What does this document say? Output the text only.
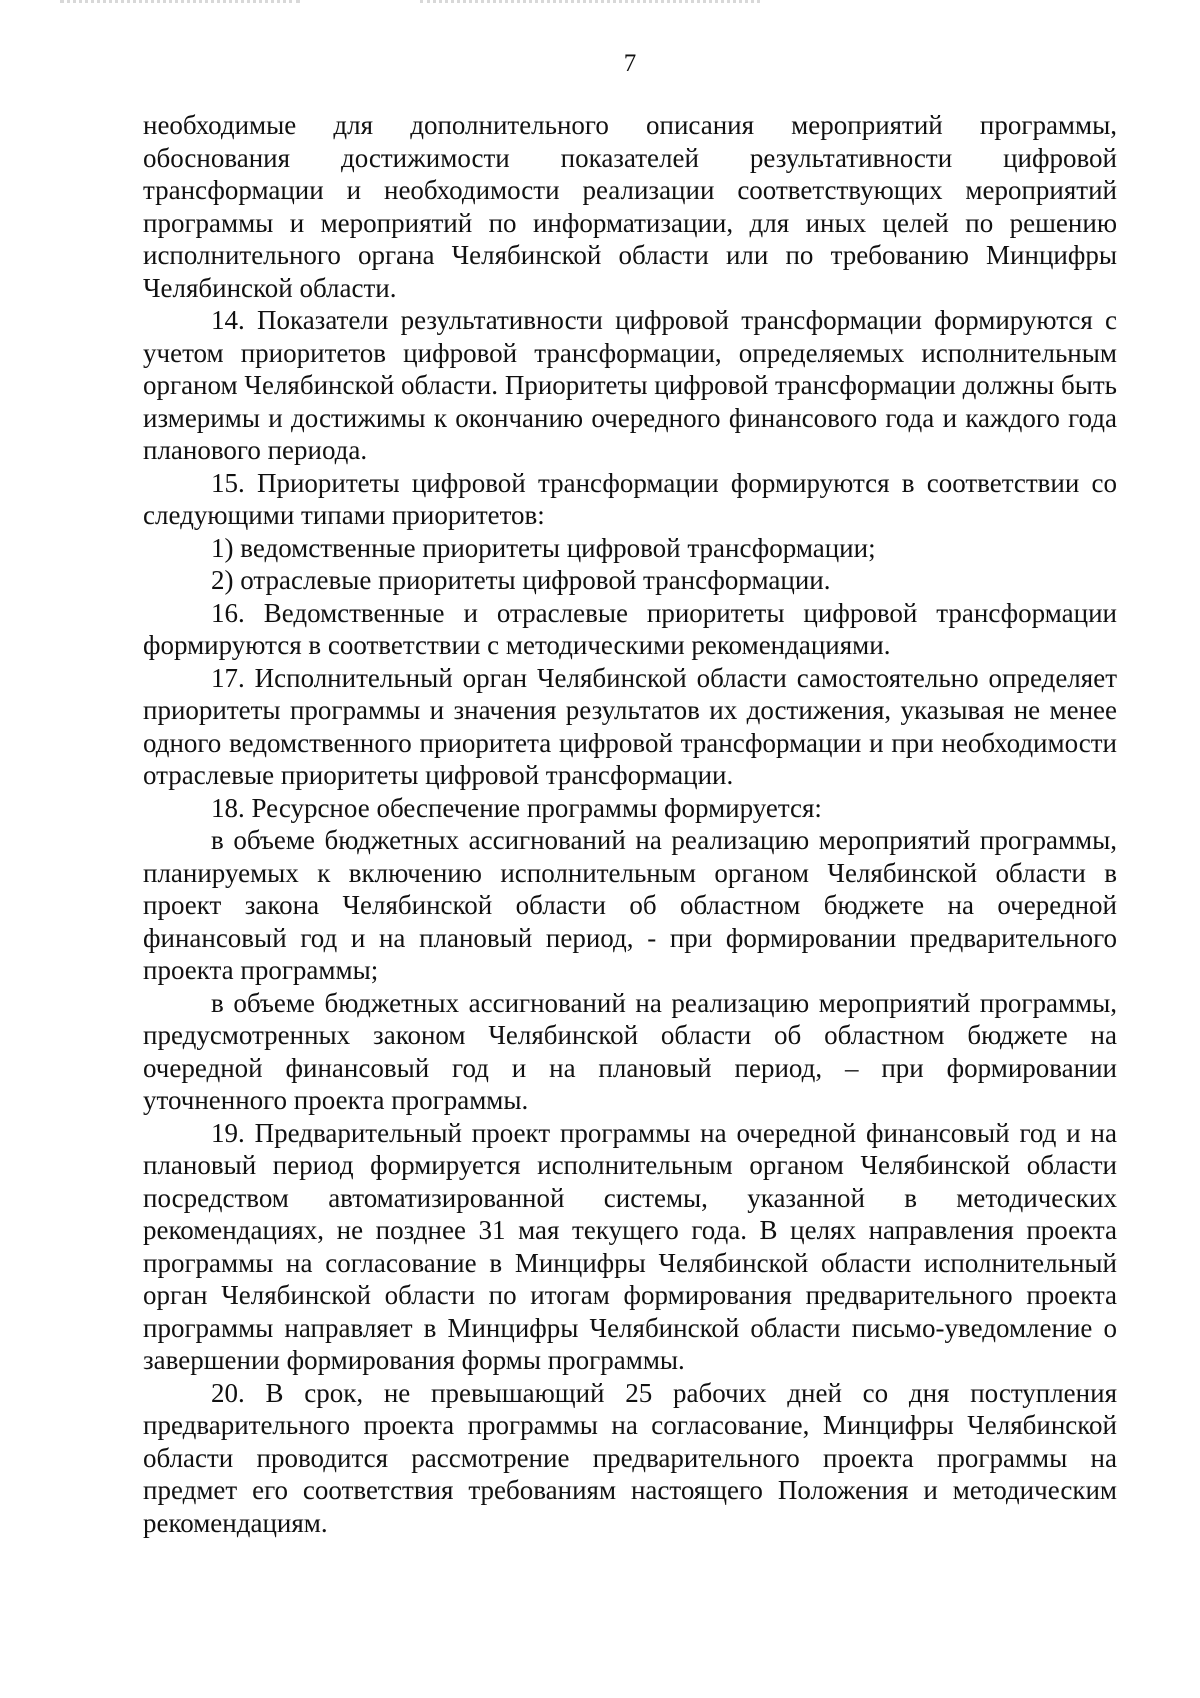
7

необходимые для дополнительного описания мероприятий программы, обоснования достижимости показателей результативности цифровой трансформации и необходимости реализации соответствующих мероприятий программы и мероприятий по информатизации, для иных целей по решению исполнительного органа Челябинской области или по требованию Минцифры Челябинской области.

14. Показатели результативности цифровой трансформации формируются с учетом приоритетов цифровой трансформации, определяемых исполнительным органом Челябинской области. Приоритеты цифровой трансформации должны быть измеримы и достижимы к окончанию очередного финансового года и каждого года планового периода.

15. Приоритеты цифровой трансформации формируются в соответствии со следующими типами приоритетов:

1) ведомственные приоритеты цифровой трансформации;

2) отраслевые приоритеты цифровой трансформации.

16. Ведомственные и отраслевые приоритеты цифровой трансформации формируются в соответствии с методическими рекомендациями.

17. Исполнительный орган Челябинской области самостоятельно определяет приоритеты программы и значения результатов их достижения, указывая не менее одного ведомственного приоритета цифровой трансформации и при необходимости отраслевые приоритеты цифровой трансформации.

18. Ресурсное обеспечение программы формируется:

в объеме бюджетных ассигнований на реализацию мероприятий программы, планируемых к включению исполнительным органом Челябинской области в проект закона Челябинской области об областном бюджете на очередной финансовый год и на плановый период, - при формировании предварительного проекта программы;

в объеме бюджетных ассигнований на реализацию мероприятий программы, предусмотренных законом Челябинской области об областном бюджете на очередной финансовый год и на плановый период, – при формировании уточненного проекта программы.

19. Предварительный проект программы на очередной финансовый год и на плановый период формируется исполнительным органом Челябинской области посредством автоматизированной системы, указанной в методических рекомендациях, не позднее 31 мая текущего года. В целях направления проекта программы на согласование в Минцифры Челябинской области исполнительный орган Челябинской области по итогам формирования предварительного проекта программы направляет в Минцифры Челябинской области письмо-уведомление о завершении формирования формы программы.

20. В срок, не превышающий 25 рабочих дней со дня поступления предварительного проекта программы на согласование, Минцифры Челябинской области проводится рассмотрение предварительного проекта программы на предмет его соответствия требованиям настоящего Положения и методическим рекомендациям.
